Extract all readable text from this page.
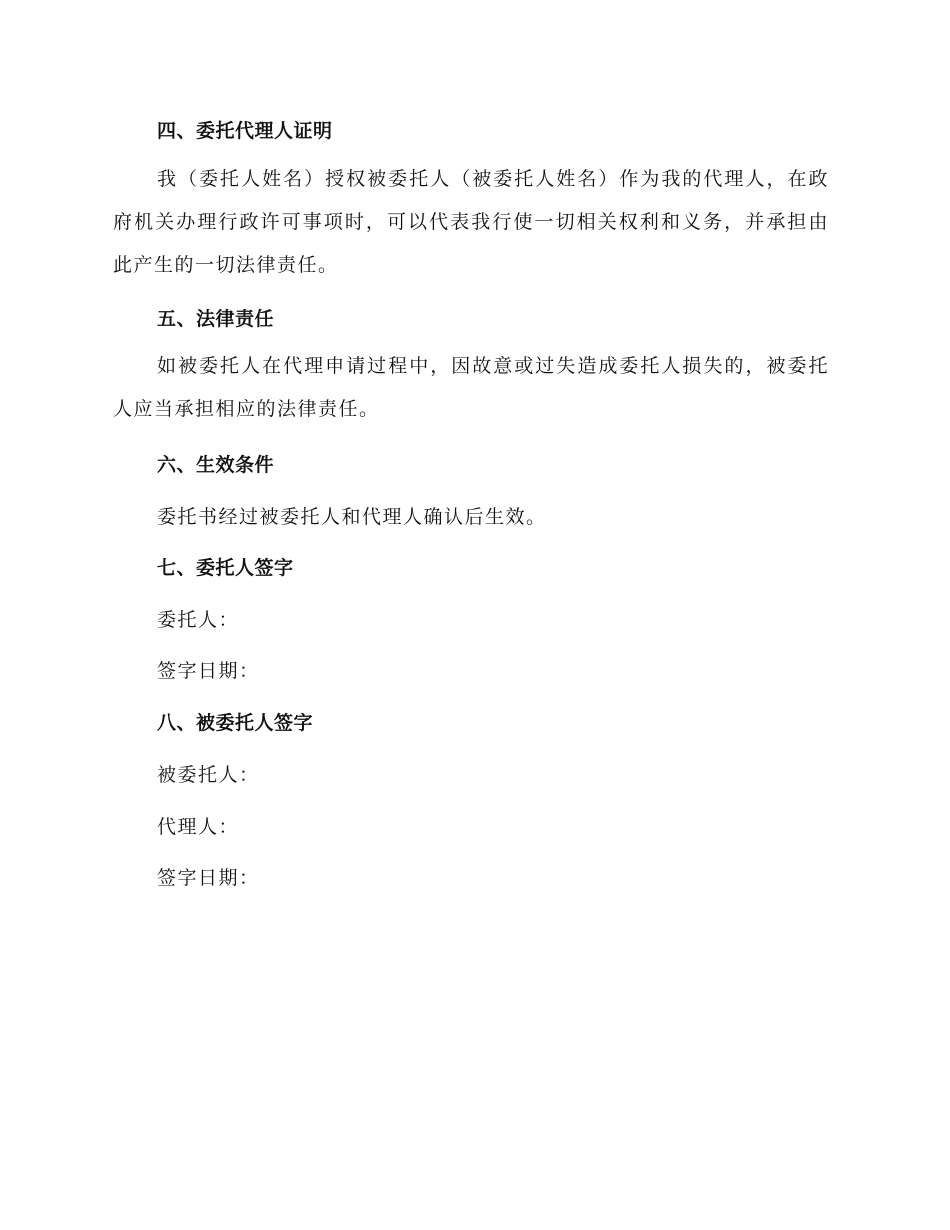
四、委托代理人证明
我（委托人姓名）授权被委托人（被委托人姓名）作为我的代理人，在政府机关办理行政许可事项时，可以代表我行使一切相关权利和义务，并承担由此产生的一切法律责任。
五、法律责任
如被委托人在代理申请过程中，因故意或过失造成委托人损失的，被委托人应当承担相应的法律责任。
六、生效条件
委托书经过被委托人和代理人确认后生效。
七、委托人签字
委托人：
签字日期：
八、被委托人签字
被委托人：
代理人：
签字日期：
